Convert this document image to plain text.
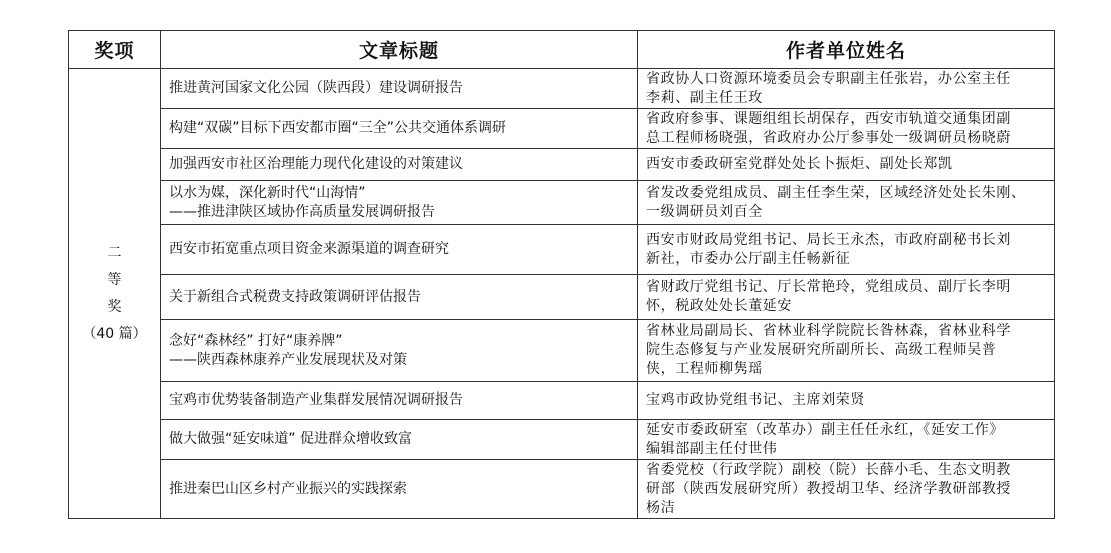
奖项	文章标题	作者单位姓名

二
等
奖
（40 篇）	推进黄河国家文化公园（陕西段）建设调研报告	省政协人口资源环境委员会专职副主任张岩，办公室主任
李莉、副主任王玫

	构建“双碳”目标下西安都市圈“三全”公共交通体系调研	省政府参事、课题组组长胡保存，西安市轨道交通集团副
总工程师杨晓强，省政府办公厅参事处一级调研员杨晓蔚

	加强西安市社区治理能力现代化建设的对策建议	西安市委政研室党群处处长卜振炬、副处长郑凯

	以水为媒，深化新时代“山海情”
——推进津陕区域协作高质量发展调研报告	省发改委党组成员、副主任李生荣，区域经济处处长朱刚、
一级调研员刘百全

	西安市拓宽重点项目资金来源渠道的调查研究	西安市财政局党组书记、局长王永杰，市政府副秘书长刘
新社，市委办公厅副主任畅新征

	关于新组合式税费支持政策调研评估报告	省财政厅党组书记、厅长常艳玲，党组成员、副厅长李明
怀，税政处处长董延安

	念好“森林经” 打好“康养牌”
——陕西森林康养产业发展现状及对策	省林业局副局长、省林业科学院院长昝林森，省林业科学
院生态修复与产业发展研究所副所长、高级工程师吴普
侠，工程师柳隽瑶

	宝鸡市优势装备制造产业集群发展情况调研报告	宝鸡市政协党组书记、主席刘荣贤

	做大做强“延安味道” 促进群众增收致富	延安市委政研室（改革办）副主任任永红，《延安工作》
编辑部副主任付世伟

	推进秦巴山区乡村产业振兴的实践探索	省委党校（行政学院）副校（院）长薛小毛、生态文明教
研部（陕西发展研究所）教授胡卫华、经济学教研部教授
杨洁
